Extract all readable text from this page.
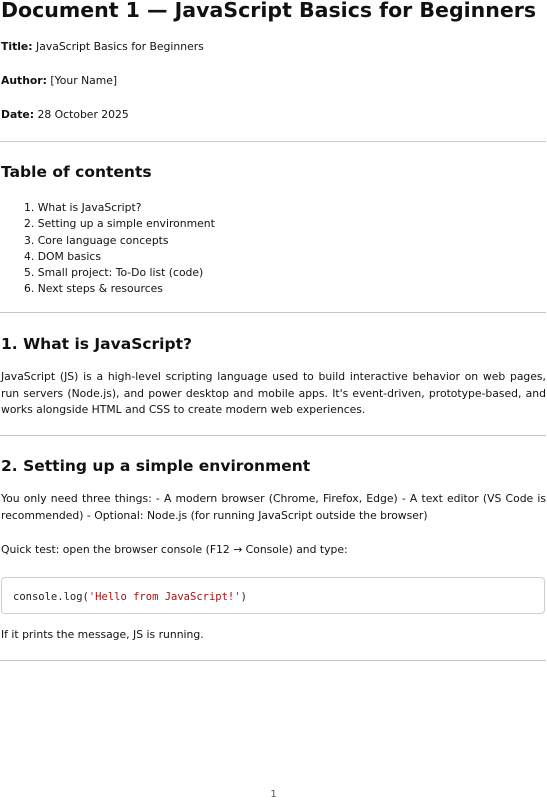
Document 1 — JavaScript Basics for Beginners

Title: JavaScript Basics for Beginners

Author: [Your Name]

Date: 28 October 2025

Table of contents
1. What is JavaScript?
2. Setting up a simple environment
3. Core language concepts
4. DOM basics
5. Small project: To-Do list (code)
6. Next steps & resources
1. What is JavaScript?

JavaScript (JS) is a high-level scripting language used to build interactive behavior on web pages, run servers (Node.js), and power desktop and mobile apps. It's event-driven, prototype-based, and works alongside HTML and CSS to create modern web experiences.

2. Setting up a simple environment

You only need three things: - A modern browser (Chrome, Firefox, Edge) - A text editor (VS Code is recommended) - Optional: Node.js (for running JavaScript outside the browser)

Quick test: open the browser console (F12 → Console) and type:

console.log('Hello from JavaScript!')

If it prints the message, JS is running.

1
